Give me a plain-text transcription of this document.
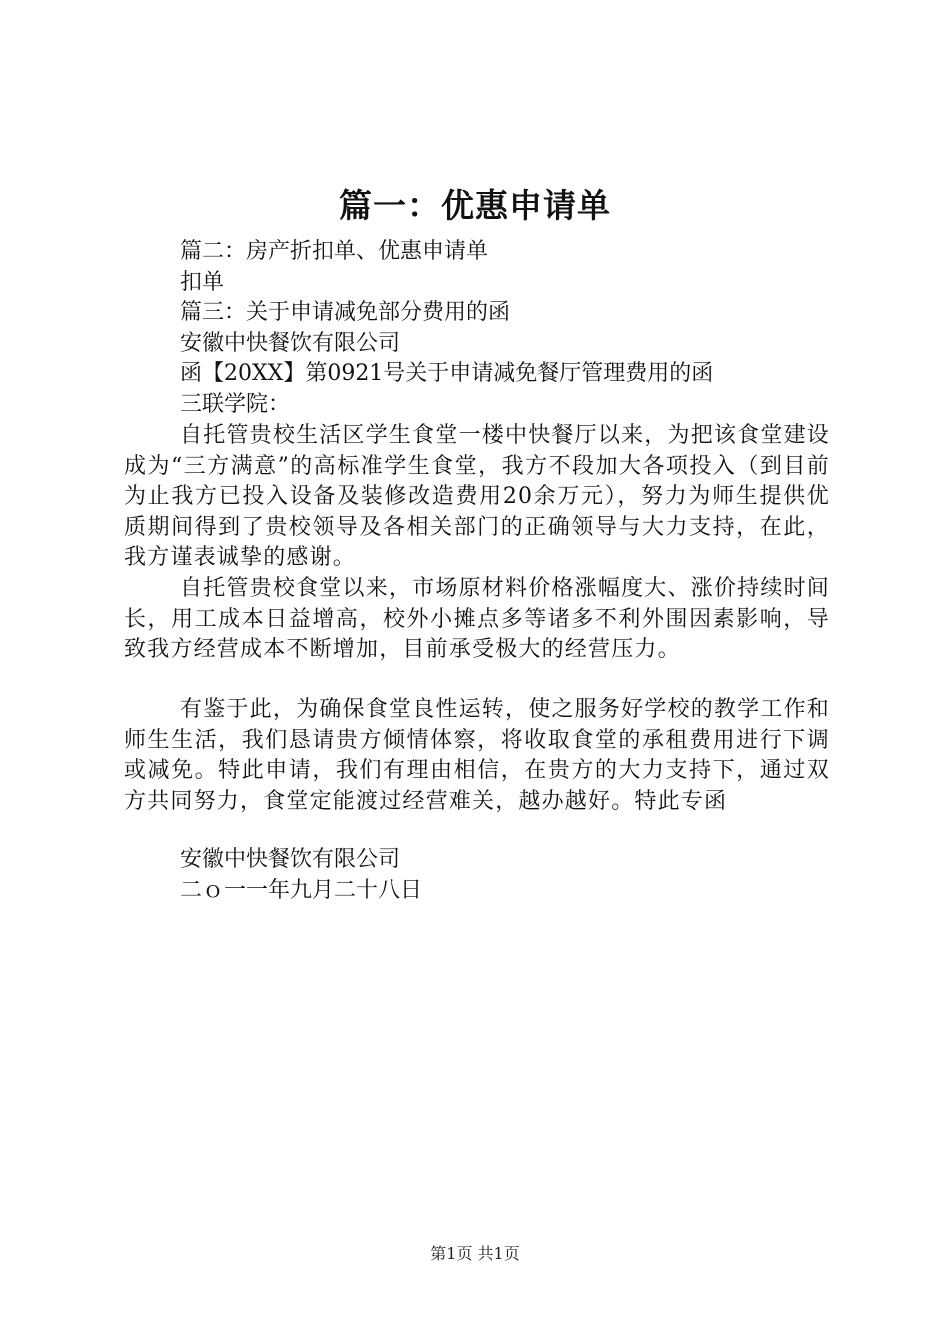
篇一：优惠申请单
篇二：房产折扣单、优惠申请单
扣单
篇三：关于申请减免部分费用的函
安徽中快餐饮有限公司
函【20XX】第0921号关于申请减免餐厅管理费用的函
三联学院：
自托管贵校生活区学生食堂一楼中快餐厅以来，为把该食堂建设成为“三方满意”的高标准学生食堂，我方不段加大各项投入（到目前为止我方已投入设备及装修改造费用20余万元），努力为师生提供优质期间得到了贵校领导及各相关部门的正确领导与大力支持，在此，我方谨表诚挚的感谢。
自托管贵校食堂以来，市场原材料价格涨幅度大、涨价持续时间长，用工成本日益增高，校外小摊点多等诸多不利外围因素影响，导致我方经营成本不断增加，目前承受极大的经营压力。
有鉴于此，为确保食堂良性运转，使之服务好学校的教学工作和师生生活，我们恳请贵方倾情体察，将收取食堂的承租费用进行下调或减免。特此申请，我们有理由相信，在贵方的大力支持下，通过双方共同努力，食堂定能渡过经营难关，越办越好。特此专函
安徽中快餐饮有限公司
二ｏ一一年九月二十八日
第1页 共1页
